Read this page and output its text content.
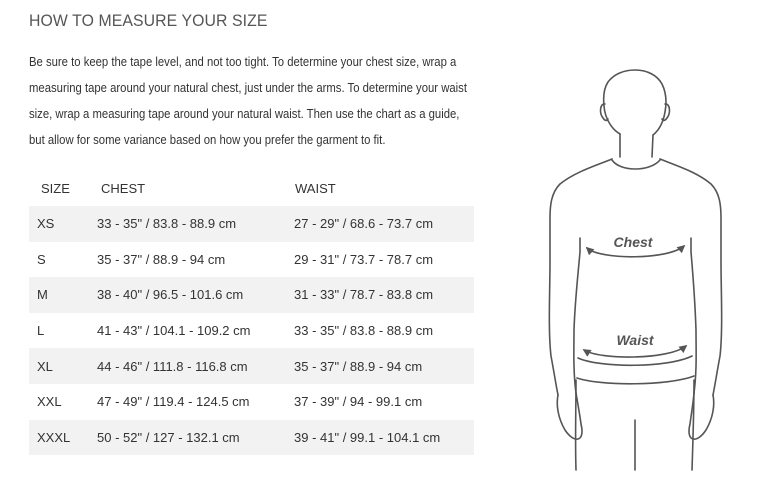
HOW TO MEASURE YOUR SIZE
Be sure to keep the tape level, and not too tight. To determine your chest size, wrap a
measuring tape around your natural chest, just under the arms. To determine your waist
size, wrap a measuring tape around your natural waist. Then use the chart as a guide,
but allow for some variance based on how you prefer the garment to fit.
SIZE	CHEST	WAIST
XS	33 - 35" / 83.8 - 88.9 cm	27 - 29" / 68.6 - 73.7 cm
S	35 - 37" / 88.9 - 94 cm	29 - 31" / 73.7 - 78.7 cm
M	38 - 40" / 96.5 - 101.6 cm	31 - 33" / 78.7 - 83.8 cm
L	41 - 43" / 104.1 - 109.2 cm	33 - 35" / 83.8 - 88.9 cm
XL	44 - 46" / 111.8 - 116.8 cm	35 - 37" / 88.9 - 94 cm
XXL	47 - 49" / 119.4 - 124.5 cm	37 - 39" / 94 - 99.1 cm
XXXL	50 - 52" / 127 - 132.1 cm	39 - 41" / 99.1 - 104.1 cm
Chest
Waist
